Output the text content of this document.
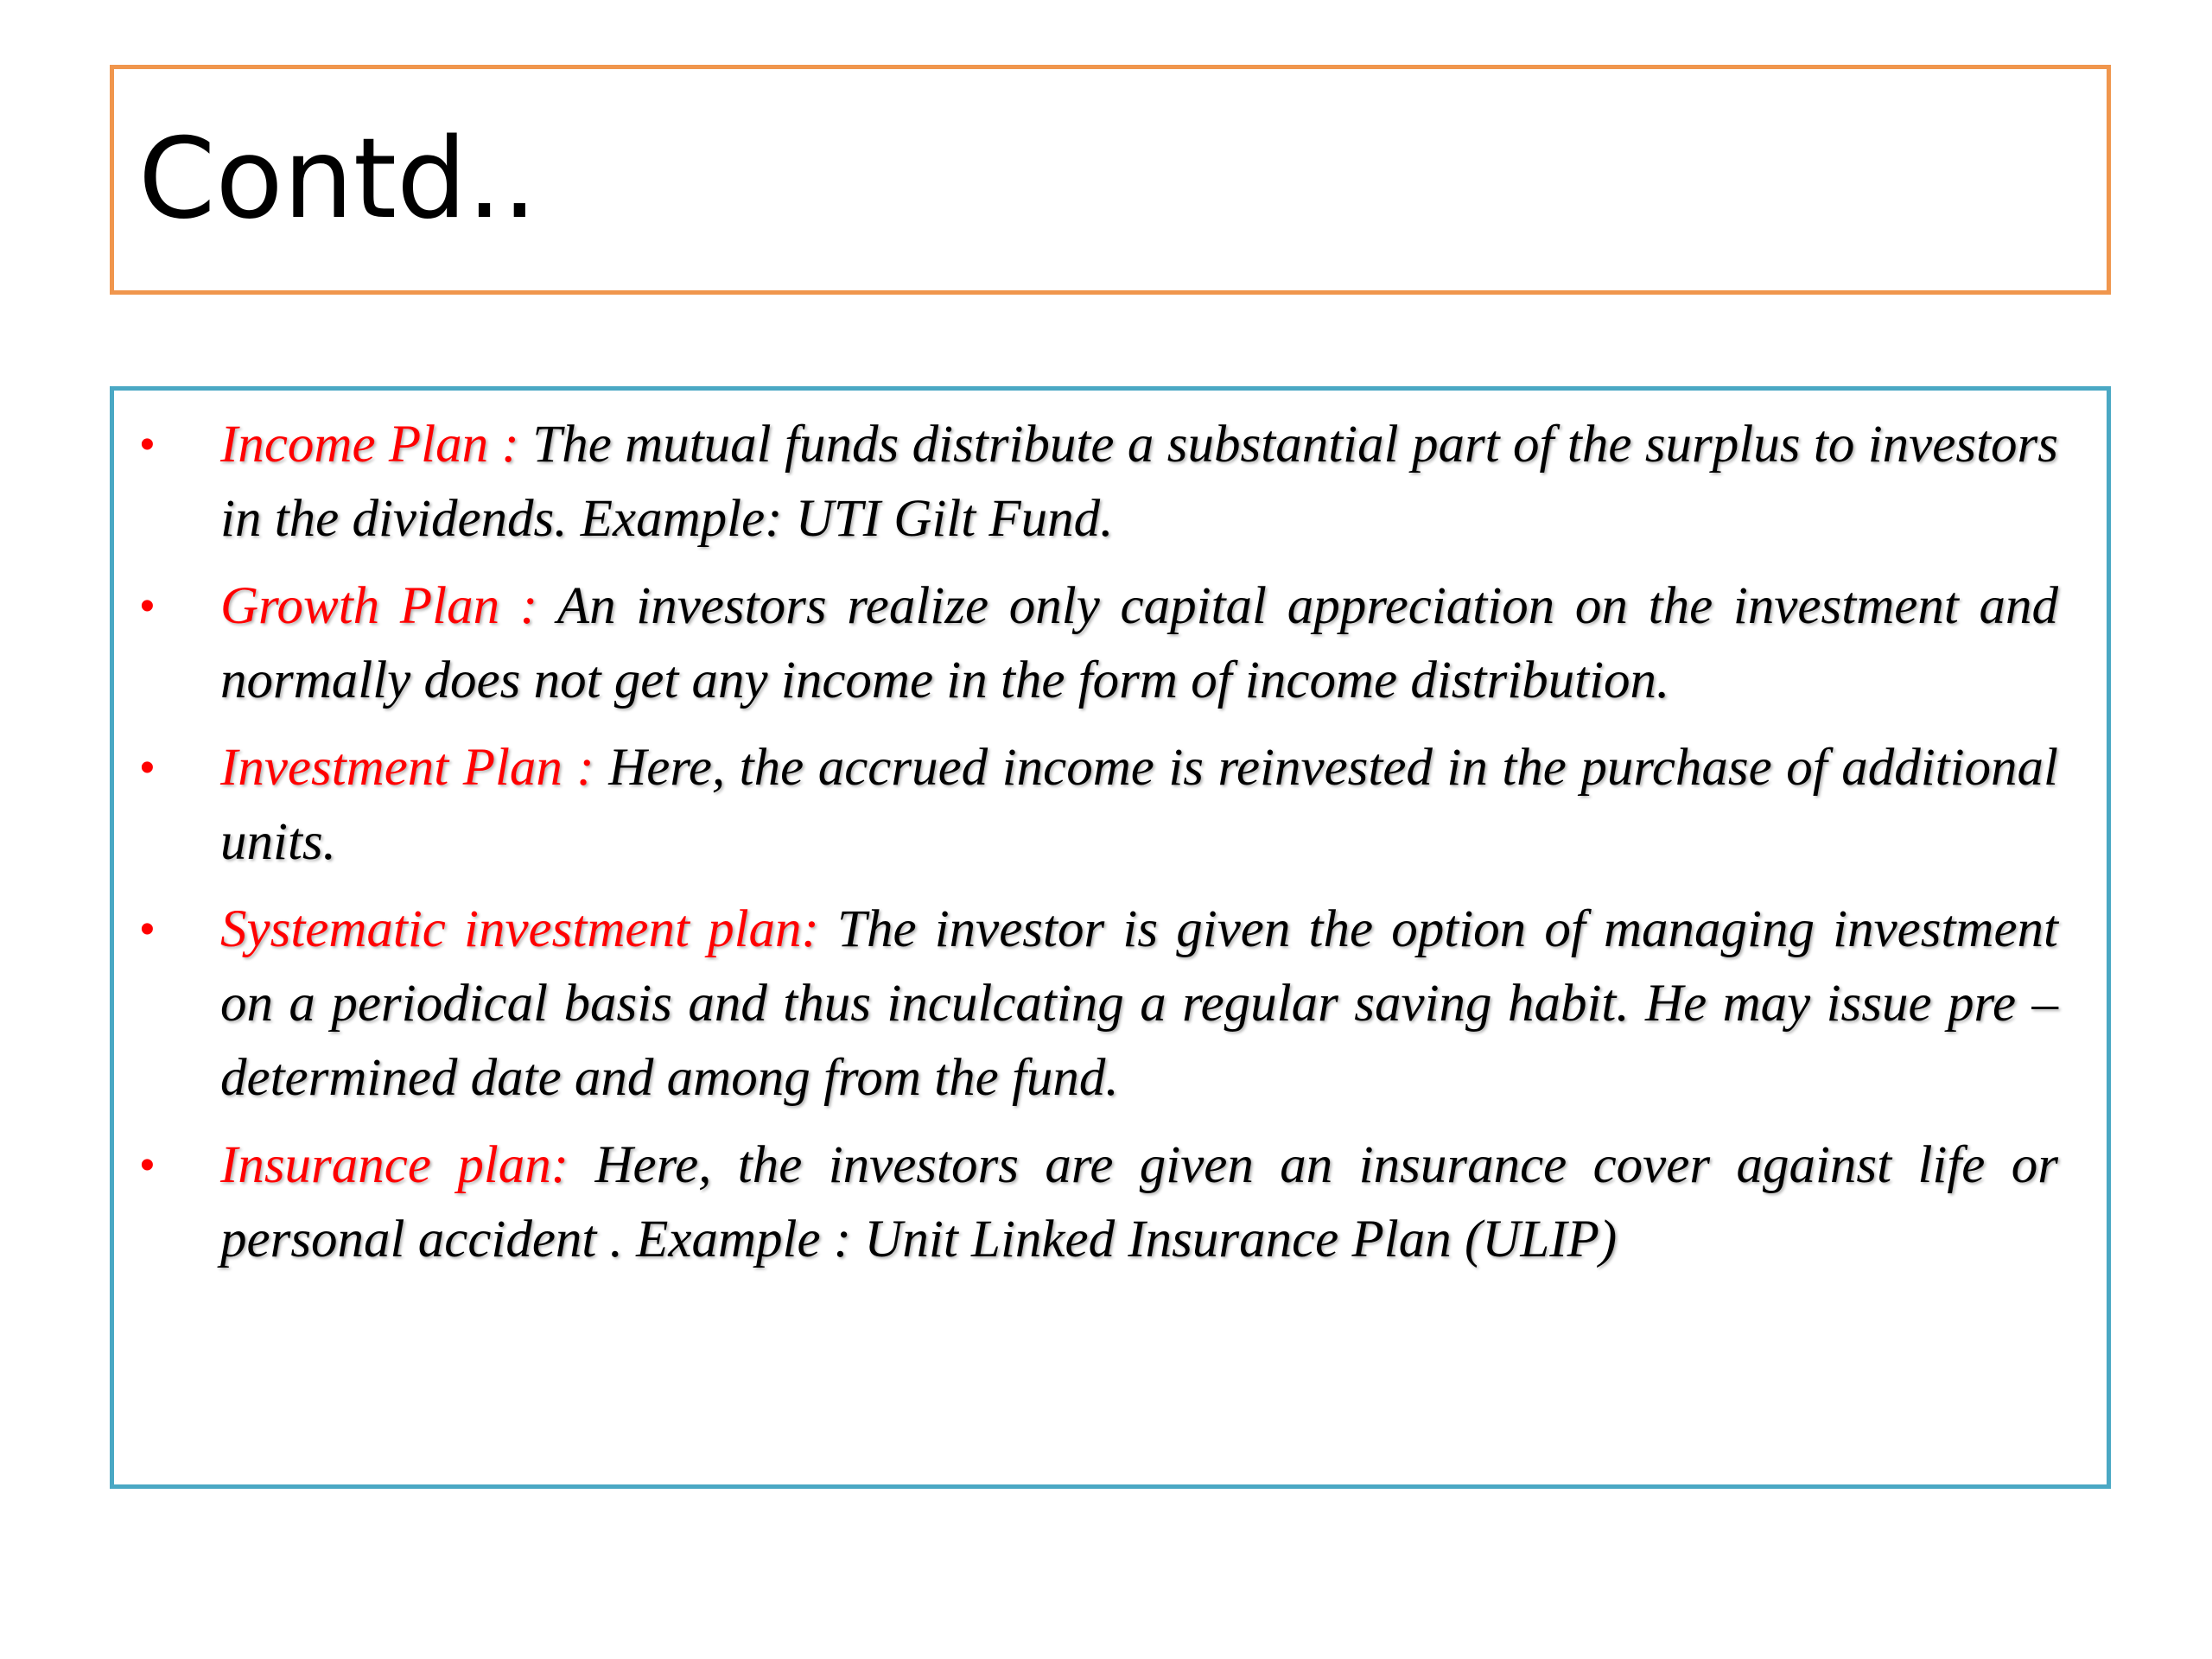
Contd..
• Income Plan : The mutual funds distribute a substantial part of the surplus to investors in the dividends. Example: UTI Gilt Fund.
• Growth Plan : An investors realize only capital appreciation on the investment and normally does not get any income in the form of income distribution.
• Investment Plan : Here, the accrued income is reinvested in the purchase of additional units.
• Systematic investment plan: The investor is given the option of managing investment on a periodical basis and thus inculcating a regular saving habit. He may issue pre – determined date and among from the fund.
• Insurance plan: Here, the investors are given an insurance cover against life or personal accident . Example : Unit Linked Insurance Plan (ULIP)
